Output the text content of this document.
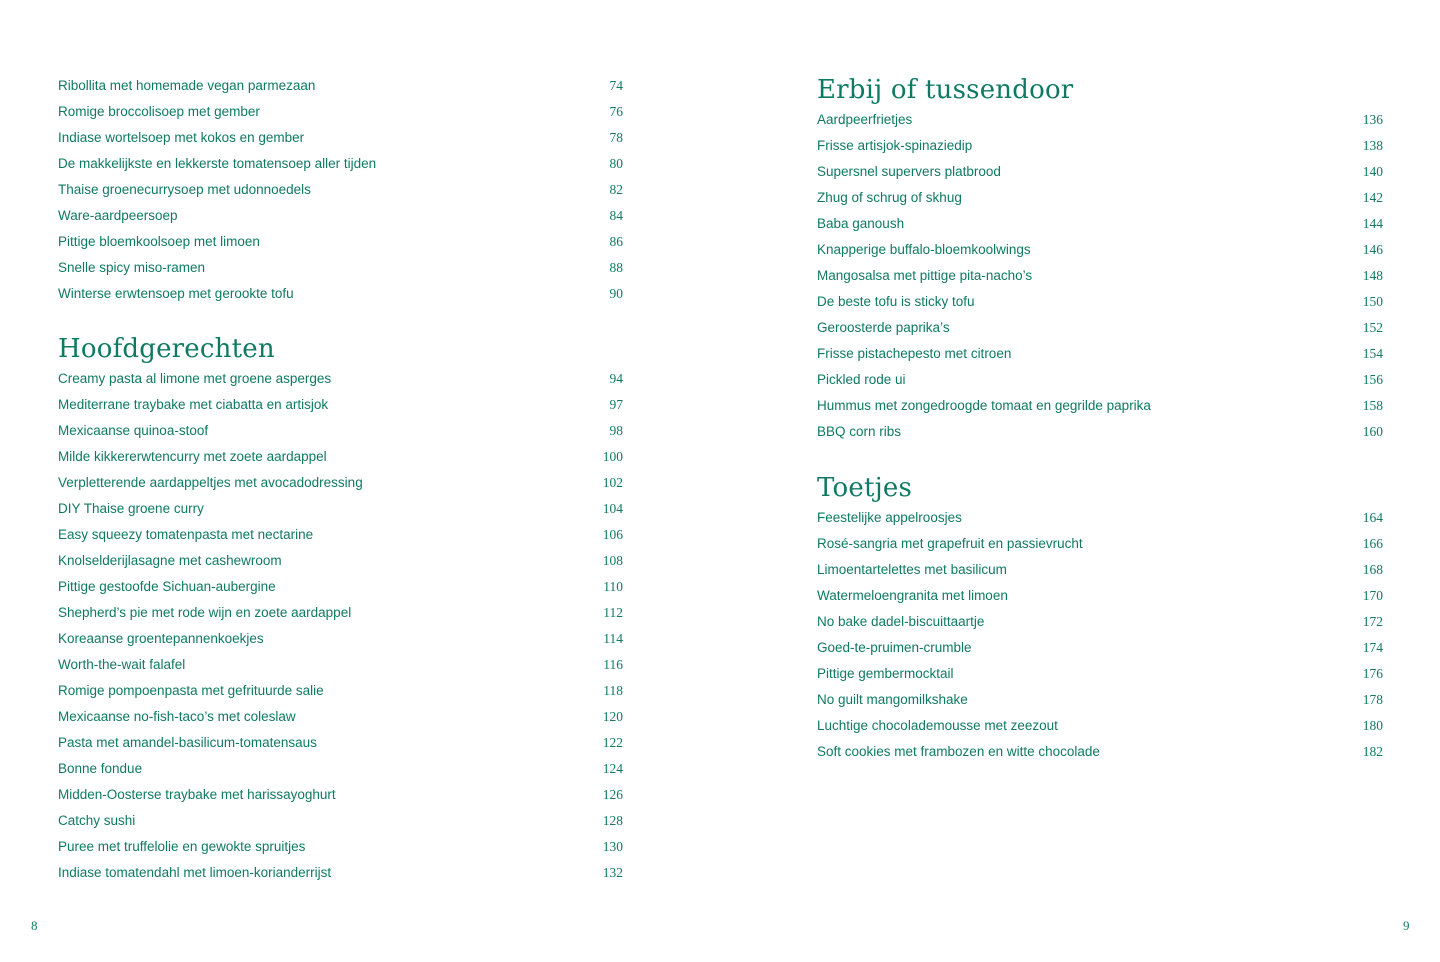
Ribollita met homemade vegan parmezaan	74
Romige broccolisoep met gember	76
Indiase wortelsoep met kokos en gember	78
De makkelijkste en lekkerste tomatensoep aller tijden	80
Thaise groenecurrysoep met udonnoedels	82
Ware-aardpeersoep	84
Pittige bloemkoolsoep met limoen	86
Snelle spicy miso-ramen	88
Winterse erwtensoep met gerookte tofu	90
Hoofdgerechten
Creamy pasta al limone met groene asperges	94
Mediterrane traybake met ciabatta en artisjok	97
Mexicaanse quinoa-stoof	98
Milde kikkererwtencurry met zoete aardappel	100
Verpletterende aardappeltjes met avocadodressing	102
DIY Thaise groene curry	104
Easy squeezy tomatenpasta met nectarine	106
Knolselderijlasagne met cashewroom	108
Pittige gestoofde Sichuan-aubergine	110
Shepherd’s pie met rode wijn en zoete aardappel	112
Koreaanse groentepannenkoekjes	114
Worth-the-wait falafel	116
Romige pompoenpasta met gefrituurde salie	118
Mexicaanse no-fish-taco’s met coleslaw	120
Pasta met amandel-basilicum-tomatensaus	122
Bonne fondue	124
Midden-Oosterse traybake met harissayoghurt	126
Catchy sushi	128
Puree met truffelolie en gewokte spruitjes	130
Indiase tomatendahl met limoen-korianderrijst	132
Erbij of tussendoor
Aardpeerfrietjes	136
Frisse artisjok-spinaziedip	138
Supersnel supervers platbrood	140
Zhug of schrug of skhug	142
Baba ganoush	144
Knapperige buffalo-bloemkoolwings	146
Mangosalsa met pittige pita-nacho’s	148
De beste tofu is sticky tofu	150
Geroosterde paprika’s	152
Frisse pistachepesto met citroen	154
Pickled rode ui	156
Hummus met zongedroogde tomaat en gegrilde paprika	158
BBQ corn ribs	160
Toetjes
Feestelijke appelroosjes	164
Rosé-sangria met grapefruit en passievrucht	166
Limoentartelettes met basilicum	168
Watermeloengranita met limoen	170
No bake dadel-biscuittaartje	172
Goed-te-pruimen-crumble	174
Pittige gembermocktail	176
No guilt mangomilkshake	178
Luchtige chocolademousse met zeezout	180
Soft cookies met frambozen en witte chocolade	182
8	9
